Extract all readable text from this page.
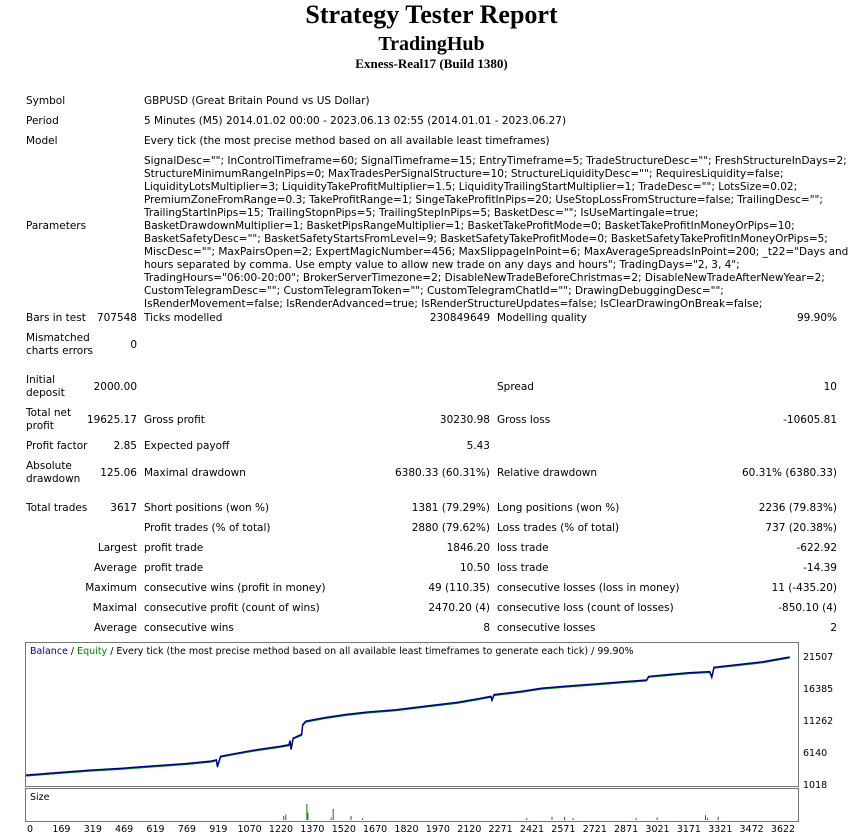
Strategy Tester Report
TradingHub
Exness-Real17 (Build 1380)
Symbol	GBPUSD (Great Britain Pound vs US Dollar)
Period	5 Minutes (M5) 2014.01.02 00:00 - 2023.06.13 02:55 (2014.01.01 - 2023.06.27)
Model	Every tick (the most precise method based on all available least timeframes)
Parameters
SignalDesc=""; InControlTimeframe=60; SignalTimeframe=15; EntryTimeframe=5; TradeStructureDesc=""; FreshStructureInDays=2; StructureMinimumRangeInPips=0; MaxTradesPerSignalStructure=10; StructureLiquidityDesc=""; RequiresLiquidity=false; LiquidityLotsMultiplier=3; LiquidityTakeProfitMultiplier=1.5; LiquidityTrailingStartMultiplier=1; TradeDesc=""; LotsSize=0.02; PremiumZoneFromRange=0.3; TakeProfitRange=1; SingeTakeProfitInPips=20; UseStopLossFromStructure=false; TrailingDesc=""; TrailingStartInPips=15; TrailingStopnPips=5; TrailingStepInPips=5; BasketDesc=""; IsUseMartingale=true; BasketDrawdownMultiplier=1; BasketPipsRangeMultiplier=1; BasketTakeProfitMode=0; BasketTakeProfitInMoneyOrPips=10; BasketSafetyDesc=""; BasketSafetyStartsFromLevel=9; BasketSafetyTakeProfitMode=0; BasketSafetyTakeProfitInMoneyOrPips=5; MiscDesc=""; MaxPairsOpen=2; ExpertMagicNumber=456; MaxSlippageInPoint=6; MaxAverageSpreadsInPoint=200; _t22="Days and hours separated by comma. Use empty value to allow new trade on any days and hours"; TradingDays="2, 3, 4"; TradingHours="06:00-20:00"; BrokerServerTimezone=2; DisableNewTradeBeforeChristmas=2; DisableNewTradeAfterNewYear=2; CustomTelegramDesc=""; CustomTelegramToken=""; CustomTelegramChatId=""; DrawingDebuggingDesc=""; IsRenderMovement=false; IsRenderAdvanced=true; IsRenderStructureUpdates=false; IsClearDrawingOnBreak=false;
Bars in test	707548 Ticks modelled	230849649 Modelling quality	99.90%
Mismatched
charts errors	0
Initial
deposit	2000.00	Spread	10
Total net
profit	19625.17 Gross profit	30230.98 Gross loss	-10605.81
Profit factor	2.85 Expected payoff	5.43
Absolute
drawdown	125.06 Maximal drawdown	6380.33 (60.31%) Relative drawdown	60.31% (6380.33)
Total trades	3617 Short positions (won %)	1381 (79.29%) Long positions (won %)	2236 (79.83%)
Profit trades (% of total)	2880 (79.62%) Loss trades (% of total)	737 (20.38%)
Largest profit trade	1846.20 loss trade	-622.92
Average profit trade	10.50 loss trade	-14.39
Maximum consecutive wins (profit in money)	49 (110.35) consecutive losses (loss in money)	11 (-435.20)
Maximal consecutive profit (count of wins)	2470.20 (4) consecutive loss (count of losses)	-850.10 (4)
Average consecutive wins	8 consecutive losses	2
Balance / Equity / Every tick (the most precise method based on all available least timeframes to generate each tick) / 99.90%
21507
16385
11262
6140
1018
Size
0 169 319 469 619 769 919 1070 1220 1370 1520 1670 1820 1970 2120 2271 2421 2571 2721 2871 3021 3171 3321 3472 3622
